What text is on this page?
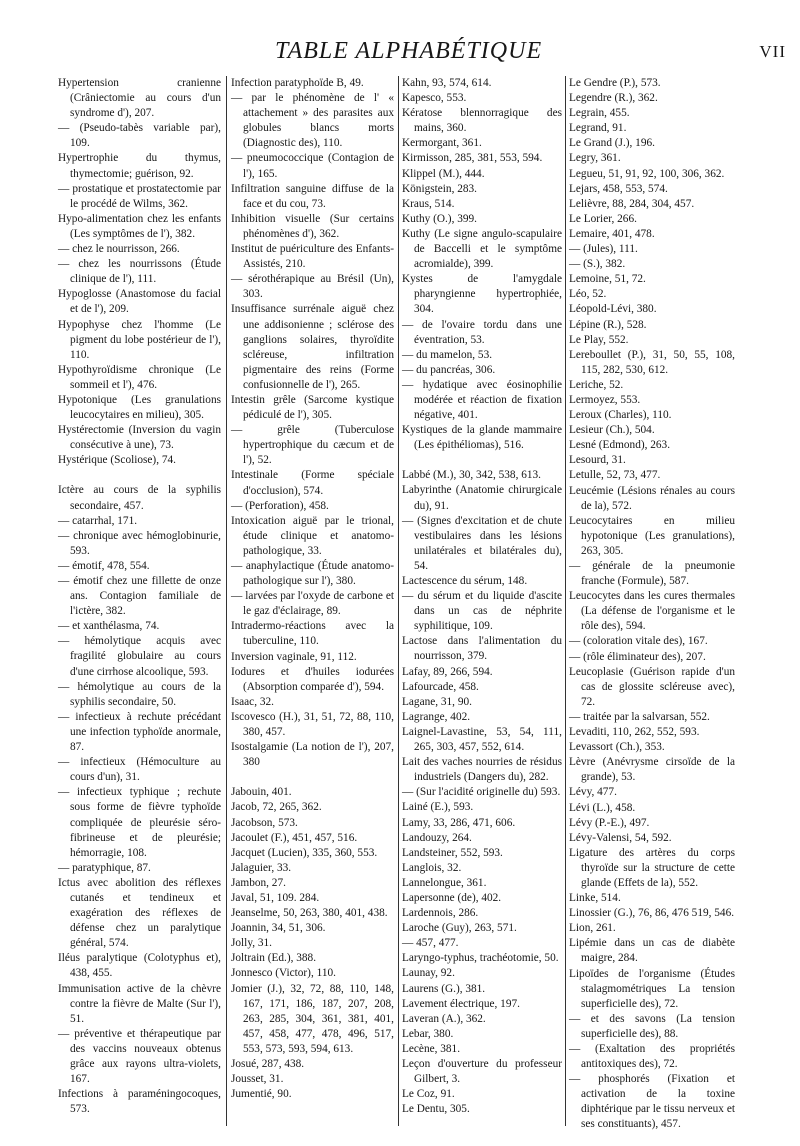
TABLE ALPHABÉTIQUE	VII
Hypertension cranienne (Crâniectomie au cours d'un syndrome d'), 207.
— (Pseudo-tabès variable par), 109.
Hypertrophie du thymus, thymectomie; guérison, 92.
— prostatique et prostatectomie par le procédé de Wilms, 362.
Hypo-alimentation chez les enfants (Les symptômes de l'), 382.
— chez le nourrisson, 266.
— chez les nourrissons (Étude clinique de l'), 111.
Hypoglosse (Anastomose du facial et de l'), 209.
Hypophyse chez l'homme (Le pigment du lobe postérieur de l'), 110.
Hypothyroïdisme chronique (Le sommeil et l'), 476.
Hypotonique (Les granulations leucocytaires en milieu), 305.
Hystérectomie (Inversion du vagin consécutive à une), 73.
Hystérique (Scoliose), 74.
Ictère au cours de la syphilis secondaire, 457.
— catarrhal, 171.
— chronique avec hémoglobinurie, 593.
— émotif, 478, 554.
— émotif chez une fillette de onze ans. Contagion familiale de l'ictère, 382.
— et xanthélasma, 74.
— hémolytique acquis avec fragilité globulaire au cours d'une cirrhose alcoolique, 593.
— hémolytique au cours de la syphilis secondaire, 50.
— infectieux à rechute précédant une infection typhoïde anormale, 87.
— infectieux (Hémoculture au cours d'un), 31.
— infectieux typhique ; rechute sous forme de fièvre typhoïde compliquée de pleurésie séro-fibrineuse et de pleurésie; hémorragie, 108.
— paratyphique, 87.
Ictus avec abolition des réflexes cutanés et tendineux et exagération des réflexes de défense chez un paralytique général, 574.
Iléus paralytique (Colotyphus et), 438, 455.
Immunisation active de la chèvre contre la fièvre de Malte (Sur l'), 51.
— préventive et thérapeutique par des vaccins nouveaux obtenus grâce aux rayons ultra-violets, 167.
Infections à paraméningocoques, 573.
Infection paratyphoïde B, 49.
— par le phénomène de l' « attachement » des parasites aux globules blancs morts (Diagnostic des), 110.
— pneumococcique (Contagion de l'), 165.
Infiltration sanguine diffuse de la face et du cou, 73.
Inhibition visuelle (Sur certains phénomènes d'), 362.
Institut de puériculture des Enfants-Assistés, 210.
— sérothérapique au Brésil (Un), 303.
Insuffisance surrénale aiguë chez une addisonienne ; sclérose des ganglions solaires, thyroïdite scléreuse, infiltration pigmentaire des reins (Forme confusionnelle de l'), 265.
Intestin grêle (Sarcome kystique pédiculé de l'), 305.
— grêle (Tuberculose hypertrophique du cæcum et de l'), 52.
Intestinale (Forme spéciale d'occlusion), 574.
— (Perforation), 458.
Intoxication aiguë par le trional, étude clinique et anatomo-pathologique, 33.
— anaphylactique (Étude anatomo-pathologique sur l'), 380.
— larvées par l'oxyde de carbone et le gaz d'éclairage, 89.
Intradermo-réactions avec la tuberculine, 110.
Inversion vaginale, 91, 112.
Iodures et d'huiles iodurées (Absorption comparée d'), 594.
Isaac, 32.
Iscovesco (H.), 31, 51, 72, 88, 110, 380, 457.
Isostalgamie (La notion de l'), 207, 380
Jabouin, 401.
Jacob, 72, 265, 362.
Jacobson, 573.
Jacoulet (F.), 451, 457, 516.
Jacquet (Lucien), 335, 360, 553.
Jalaguier, 33.
Jambon, 27.
Javal, 51, 109. 284.
Jeanselme, 50, 263, 380, 401, 438.
Joannin, 34, 51, 306.
Jolly, 31.
Joltrain (Ed.), 388.
Jonnesco (Victor), 110.
Jomier (J.), 32, 72, 88, 110, 148, 167, 171, 186, 187, 207, 208, 263, 285, 304, 361, 381, 401, 457, 458, 477, 478, 496, 517, 553, 573, 593, 594, 613.
Josué, 287, 438.
Jousset, 31.
Jumentié, 90.
Kahn, 93, 574, 614.
Kapesco, 553.
Kératose blennorragique des mains, 360.
Kermorgant, 361.
Kirmisson, 285, 381, 553, 594.
Klippel (M.), 444.
Königstein, 283.
Kraus, 514.
Kuthy (O.), 399.
Kuthy (Le signe angulo-scapulaire de Baccelli et le symptôme acromialde), 399.
Kystes de l'amygdale pharyngienne hypertrophiée, 304.
— de l'ovaire tordu dans une éventration, 53.
— du mamelon, 53.
— du pancréas, 306.
— hydatique avec éosinophilie modérée et réaction de fixation négative, 401.
Kystiques de la glande mammaire (Les épithéliomas), 516.
Labbé (M.), 30, 342, 538, 613.
Labyrinthe (Anatomie chirurgicale du), 91.
— (Signes d'excitation et de chute vestibulaires dans les lésions unilatérales et bilatérales du), 54.
Lactescence du sérum, 148.
— du sérum et du liquide d'ascite dans un cas de néphrite syphilitique, 109.
Lactose dans l'alimentation du nourrisson, 379.
Lafay, 89, 266, 594.
Lafourcade, 458.
Lagane, 31, 90.
Lagrange, 402.
Laignel-Lavastine, 53, 54, 111, 265, 303, 457, 552, 614.
Lait des vaches nourries de résidus industriels (Dangers du), 282.
— (Sur l'acidité originelle du) 593.
Lainé (E.), 593.
Lamy, 33, 286, 471, 606.
Landouzy, 264.
Landsteiner, 552, 593.
Langlois, 32.
Lannelongue, 361.
Lapersonne (de), 402.
Lardennois, 286.
Laroche (Guy), 263, 571.
— 457, 477.
Laryngo-typhus, trachéotomie, 50.
Launay, 92.
Laurens (G.), 381.
Lavement électrique, 197.
Laveran (A.), 362.
Lebar, 380.
Lecène, 381.
Leçon d'ouverture du professeur Gilbert, 3.
Le Coz, 91.
Le Dentu, 305.
Le Gendre (P.), 573.
Legendre (R.), 362.
Legrain, 455.
Legrand, 91.
Le Grand (J.), 196.
Legry, 361.
Legueu, 51, 91, 92, 100, 306, 362.
Lejars, 458, 553, 574.
Lelièvre, 88, 284, 304, 457.
Le Lorier, 266.
Lemaire, 401, 478.
— (Jules), 111.
— (S.), 382.
Lemoine, 51, 72.
Léo, 52.
Léopold-Lévi, 380.
Lépine (R.), 528.
Le Play, 552.
Lereboullet (P.), 31, 50, 55, 108, 115, 282, 530, 612.
Leriche, 52.
Lermoyez, 553.
Leroux (Charles), 110.
Lesieur (Ch.), 504.
Lesné (Edmond), 263.
Lesourd, 31.
Letulle, 52, 73, 477.
Leucémie (Lésions rénales au cours de la), 572.
Leucocytaires en milieu hypotonique (Les granulations), 263, 305.
— générale de la pneumonie franche (Formule), 587.
Leucocytes dans les cures thermales (La défense de l'organisme et le rôle des), 594.
— (coloration vitale des), 167.
— (rôle éliminateur des), 207.
Leucoplasie (Guérison rapide d'un cas de glossite scléreuse avec), 72.
— traitée par la salvarsan, 552.
Levaditi, 110, 262, 552, 593.
Levassort (Ch.), 353.
Lèvre (Anévrysme cirsoïde de la grande), 53.
Lévy, 477.
Lévi (L.), 458.
Lévy (P.-E.), 497.
Lévy-Valensi, 54, 592.
Ligature des artères du corps thyroïde sur la structure de cette glande (Effets de la), 552.
Linke, 514.
Linossier (G.), 76, 86, 476 519, 546.
Lion, 261.
Lipémie dans un cas de diabète maigre, 284.
Lipoïdes de l'organisme (Études stalagmométriques La tension superficielle des), 72.
— et des savons (La tension superficielle des), 88.
— (Exaltation des propriétés antitoxiques des), 72.
— phosphorés (Fixation et activation de la toxine diphtérique par le tissu nerveux et ses constituants), 457.
